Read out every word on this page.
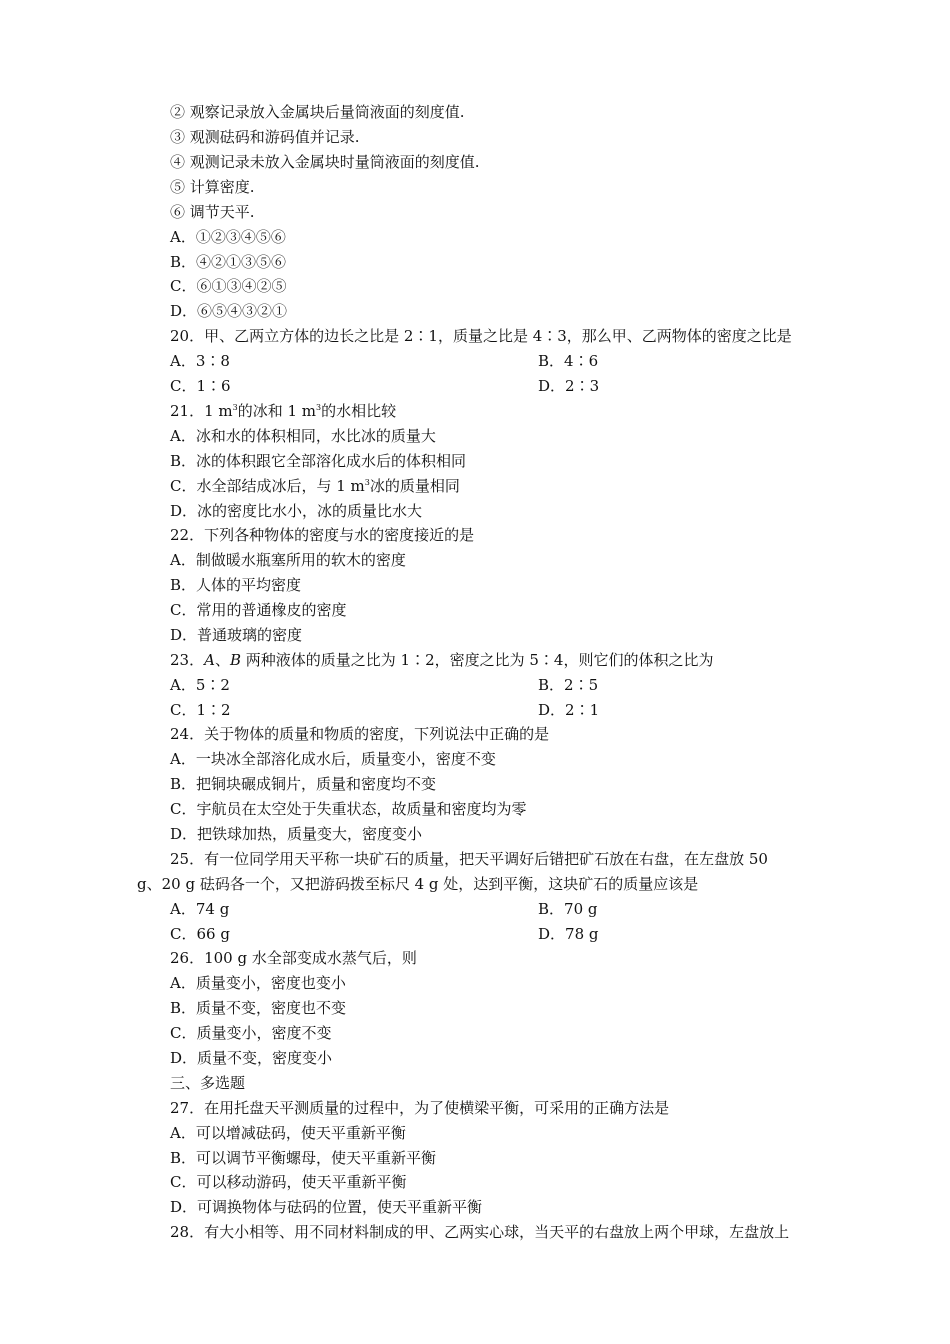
② 观察记录放入金属块后量筒液面的刻度值.
③ 观测砝码和游码值并记录.
④ 观测记录未放入金属块时量筒液面的刻度值.
⑤ 计算密度.
⑥ 调节天平.
A．①②③④⑤⑥
B．④②①③⑤⑥
C．⑥①③④②⑤
D．⑥⑤④③②①
20．甲、乙两立方体的边长之比是 2∶1，质量之比是 4∶3，那么甲、乙两物体的密度之比是
A．3∶8	B．4∶6
C．1∶6	D．2∶3
21．1 $m^3$的冰和 1 $m^3$的水相比较
A．冰和水的体积相同，水比冰的质量大
B．冰的体积跟它全部溶化成水后的体积相同
C．水全部结成冰后，与 1 $m^3$冰的质量相同
D．冰的密度比水小，冰的质量比水大
22．下列各种物体的密度与水的密度接近的是
A．制做暖水瓶塞所用的软木的密度
B．人体的平均密度
C．常用的普通橡皮的密度
D．普通玻璃的密度
23．A、B 两种液体的质量之比为 1∶2，密度之比为 5∶4，则它们的体积之比为
A．5∶2	B．2∶5
C．1∶2	D．2∶1
24．关于物体的质量和物质的密度，下列说法中正确的是
A．一块冰全部溶化成水后，质量变小，密度不变
B．把铜块碾成铜片，质量和密度均不变
C．宇航员在太空处于失重状态，故质量和密度均为零
D．把铁球加热，质量变大，密度变小
25．有一位同学用天平称一块矿石的质量，把天平调好后错把矿石放在右盘，在左盘放 50
g、20 g 砝码各一个，又把游码拨至标尺 4 g 处，达到平衡，这块矿石的质量应该是
A．74 g	B．70 g
C．66 g	D．78 g
26．100 g 水全部变成水蒸气后，则
A．质量变小，密度也变小
B．质量不变，密度也不变
C．质量变小，密度不变
D．质量不变，密度变小
三、多选题
27．在用托盘天平测质量的过程中，为了使横梁平衡，可采用的正确方法是
A．可以增减砝码，使天平重新平衡
B．可以调节平衡螺母，使天平重新平衡
C．可以移动游码，使天平重新平衡
D．可调换物体与砝码的位置，使天平重新平衡
28．有大小相等、用不同材料制成的甲、乙两实心球，当天平的右盘放上两个甲球，左盘放上
